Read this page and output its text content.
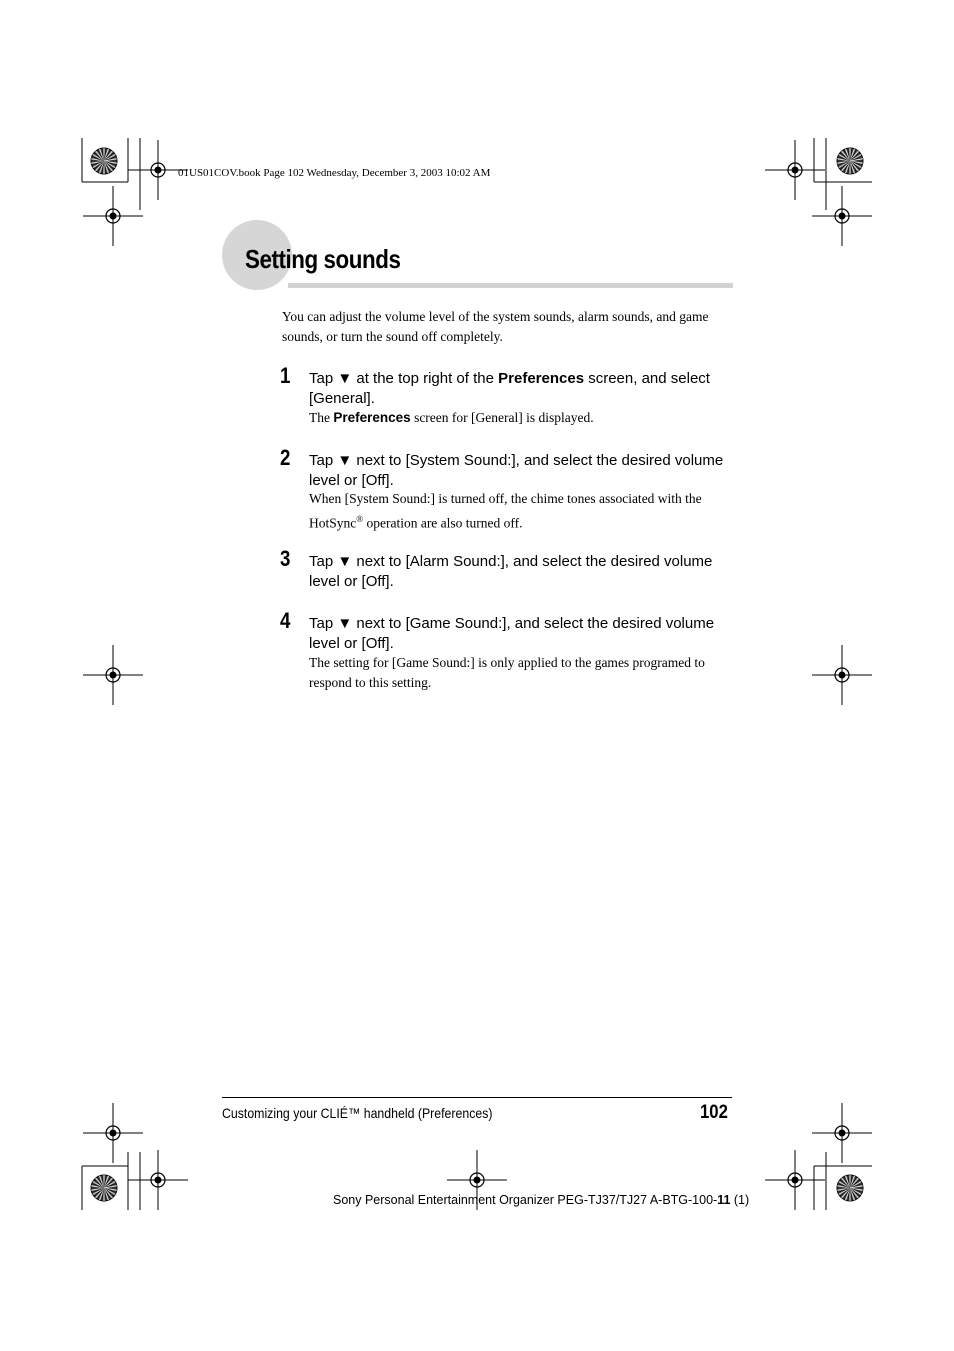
01US01COV.book Page 102 Wednesday, December 3, 2003 10:02 AM
Setting sounds
You can adjust the volume level of the system sounds, alarm sounds, and game sounds, or turn the sound off completely.
1 Tap ▼ at the top right of the Preferences screen, and select [General].
The Preferences screen for [General] is displayed.
2 Tap ▼ next to [System Sound:], and select the desired volume level or [Off].
When [System Sound:] is turned off, the chime tones associated with the HotSync® operation are also turned off.
3 Tap ▼ next to [Alarm Sound:], and select the desired volume level or [Off].
4 Tap ▼ next to [Game Sound:], and select the desired volume level or [Off].
The setting for [Game Sound:] is only applied to the games programed to respond to this setting.
Customizing your CLIÉ™ handheld (Preferences)	102
Sony Personal Entertainment Organizer PEG-TJ37/TJ27 A-BTG-100-11 (1)
